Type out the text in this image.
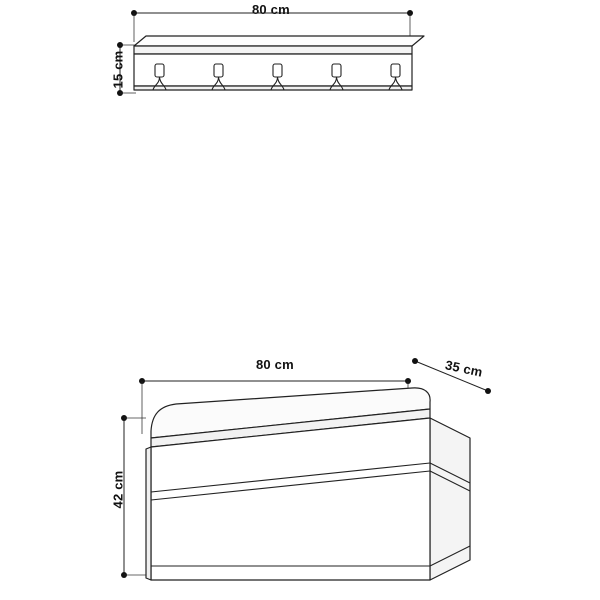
80 cm
15 cm
80 cm	35 cm
42 cm
